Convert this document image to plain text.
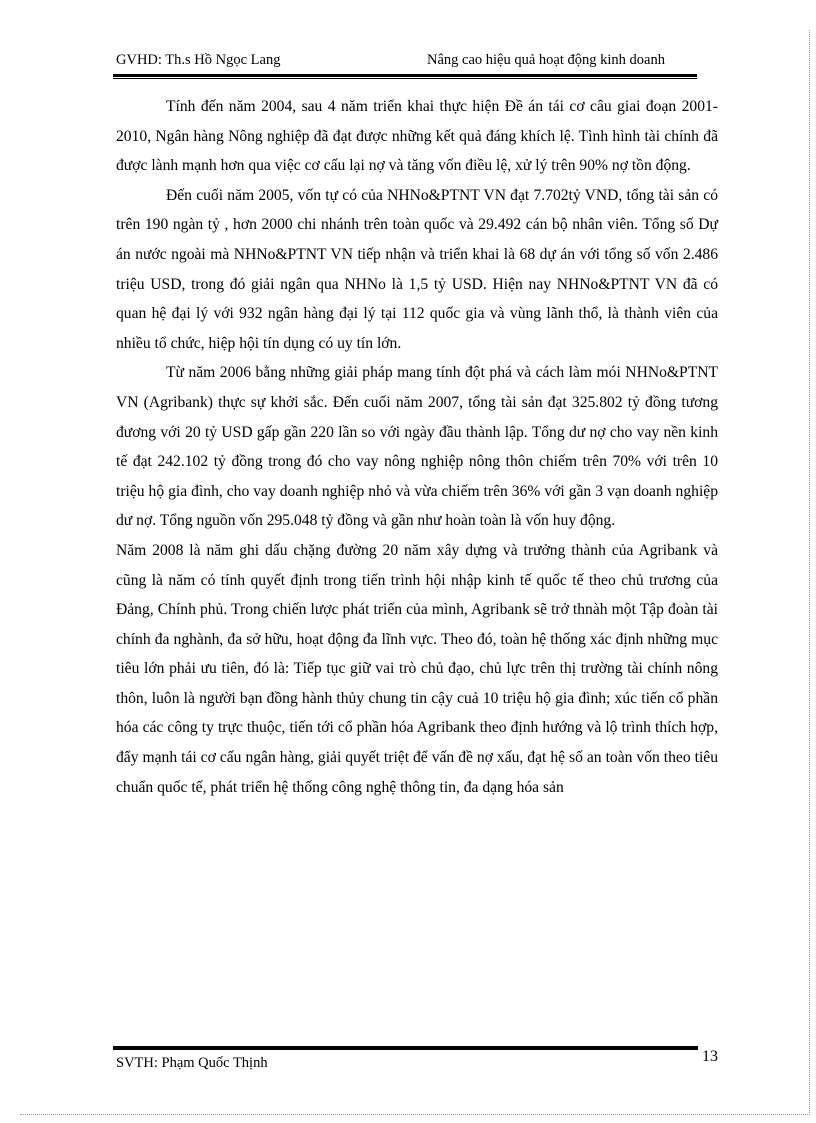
GVHD: Th.s Hồ Ngọc Lang	Nâng cao hiệu quả hoạt động kinh doanh

Tính đến năm 2004, sau 4 năm triển khai thực hiện Đề án tái cơ câu giai đoạn 2001-2010, Ngân hàng Nông nghiệp đã đạt được những kết quả đáng khích lệ. Tình hình tài chính đã được lành mạnh hơn qua việc cơ cấu lại nợ và tăng vốn điều lệ, xử lý trên 90% nợ tồn động.

Đến cuối năm 2005, vốn tự có của NHNo&PTNT VN đạt 7.702tỷ VND, tổng tài sản có trên 190 ngàn tỷ , hơn 2000 chi nhánh trên toàn quốc và 29.492 cán bộ nhân viên. Tổng số Dự án nước ngoài mà NHNo&PTNT VN tiếp nhận và triển khai là 68 dự án với tổng số vốn 2.486 triệu USD, trong đó giải ngân qua NHNo là 1,5 tỷ USD. Hiện nay NHNo&PTNT VN đã có quan hệ đại lý với 932 ngân hàng đại lý tại 112 quốc gia và vùng lãnh thổ, là thành viên của nhiều tổ chức, hiệp hội tín dụng có uy tín lớn.

Từ năm 2006 bằng những giải pháp mang tính đột phá và cách làm mói NHNo&PTNT VN (Agribank) thực sự khởi sắc. Đến cuối năm 2007, tổng tài sản đạt 325.802 tỷ đồng tương đương với 20 tỷ USD gấp gần 220 lần so với ngày đầu thành lập. Tổng dư nợ cho vay nền kinh tế đạt 242.102 tỷ đồng trong đó cho vay nông nghiệp nông thôn chiếm trên 70% với trên 10 triệu hộ gia đình, cho vay doanh nghiệp nhỏ và vừa chiếm trên 36% với gần 3 vạn doanh nghiệp dư nợ. Tổng nguồn vốn 295.048 tỷ đồng và gần như hoàn toàn là vốn huy động.

Năm 2008 là năm ghi dấu chặng đường 20 năm xây dựng và trưởng thành của Agribank và cũng là năm có tính quyết định trong tiến trình hội nhập kinh tế quốc tế theo chủ trương của Đảng, Chính phủ. Trong chiến lược phát triển của mình, Agribank sẽ trở thnàh một Tập đoàn tài chính đa nghành, đa sở hữu, hoạt động đa lĩnh vực. Theo đó, toàn hệ thống xác định những mục tiêu lớn phải ưu tiên, đó là: Tiếp tục giữ vai trò chủ đạo, chủ lực trên thị trường tài chính nông thôn, luôn là người bạn đồng hành thủy chung tin cậy cuả 10 triệu hộ gia đình; xúc tiến cổ phần hóa các công ty trực thuộc, tiến tới cổ phần hóa Agribank theo định hướng và lộ trình thích hợp, đẩy mạnh tái cơ cấu ngân hàng, giải quyết triệt để vấn đề nợ xấu, đạt hệ số an toàn vốn theo tiêu chuẩn quốc tế, phát triển hệ thống công nghệ thông tin, đa dạng hóa sản

SVTH: Phạm Quốc Thịnh	13
